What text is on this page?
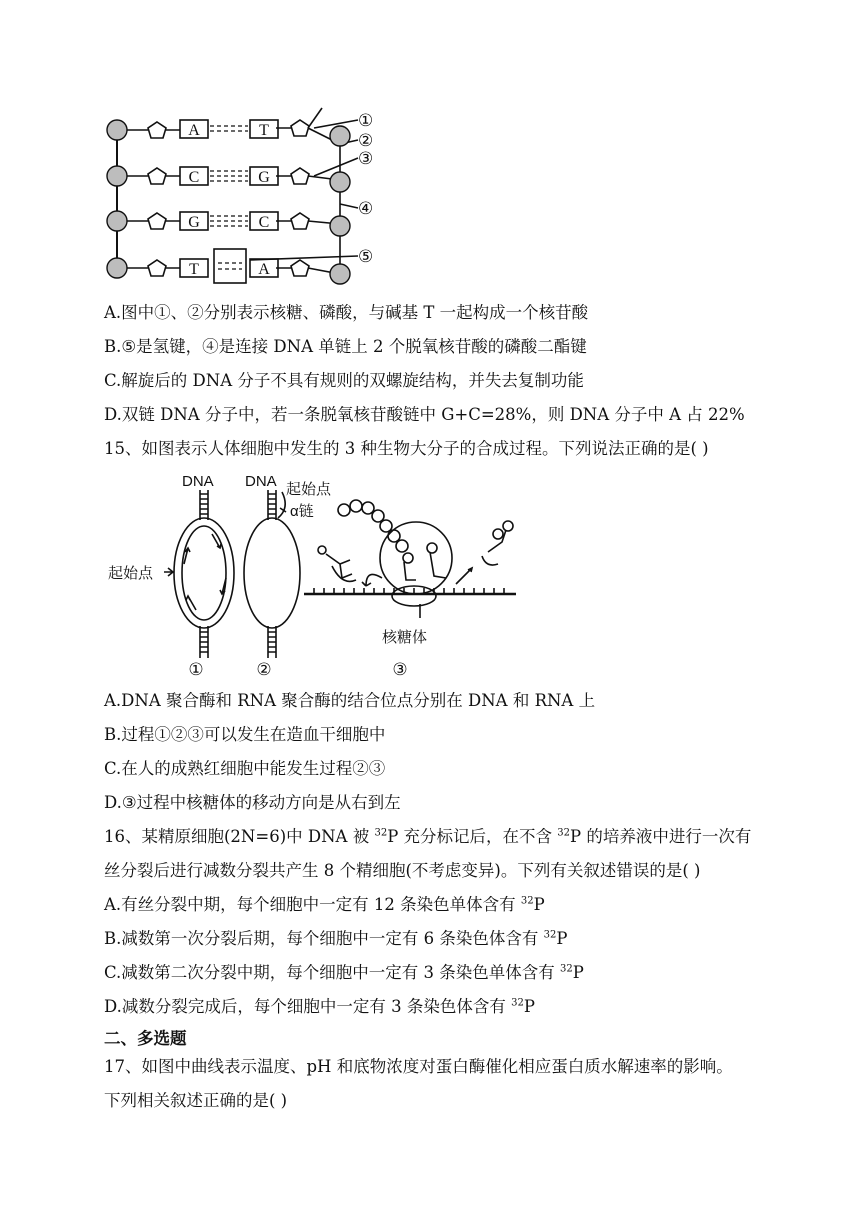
A
C
G
T
T
G
C
A
①
②
③
④
⑤
A.图中①、②分别表示核糖、磷酸，与碱基 T 一起构成一个核苷酸
B.⑤是氢键，④是连接 DNA 单链上 2 个脱氧核苷酸的磷酸二酯键
C.解旋后的 DNA 分子不具有规则的双螺旋结构，并失去复制功能
D.双链 DNA 分子中，若一条脱氧核苷酸链中 G+C=28%，则 DNA 分子中 A 占 22%
15、如图表示人体细胞中发生的 3 种生物大分子的合成过程。下列说法正确的是( )
DNA DNA
起始点
起始点
α链
核糖体
①	②	③
A.DNA 聚合酶和 RNA 聚合酶的结合位点分别在 DNA 和 RNA 上
B.过程①②③可以发生在造血干细胞中
C.在人的成熟红细胞中能发生过程②③
D.③过程中核糖体的移动方向是从右到左
16、某精原细胞(2N=6)中 DNA 被 $^{32}$P 充分标记后，在不含 $^{32}$P 的培养液中进行一次有
丝分裂后进行减数分裂共产生 8 个精细胞(不考虑变异)。下列有关叙述错误的是( )
A.有丝分裂中期，每个细胞中一定有 12 条染色单体含有 $^{32}$P
B.减数第一次分裂后期，每个细胞中一定有 6 条染色体含有 $^{32}$P
C.减数第二次分裂中期，每个细胞中一定有 3 条染色单体含有 $^{32}$P
D.减数分裂完成后，每个细胞中一定有 3 条染色体含有 $^{32}$P
二、多选题
17、如图中曲线表示温度、pH 和底物浓度对蛋白酶催化相应蛋白质水解速率的影响。
下列相关叙述正确的是( )
